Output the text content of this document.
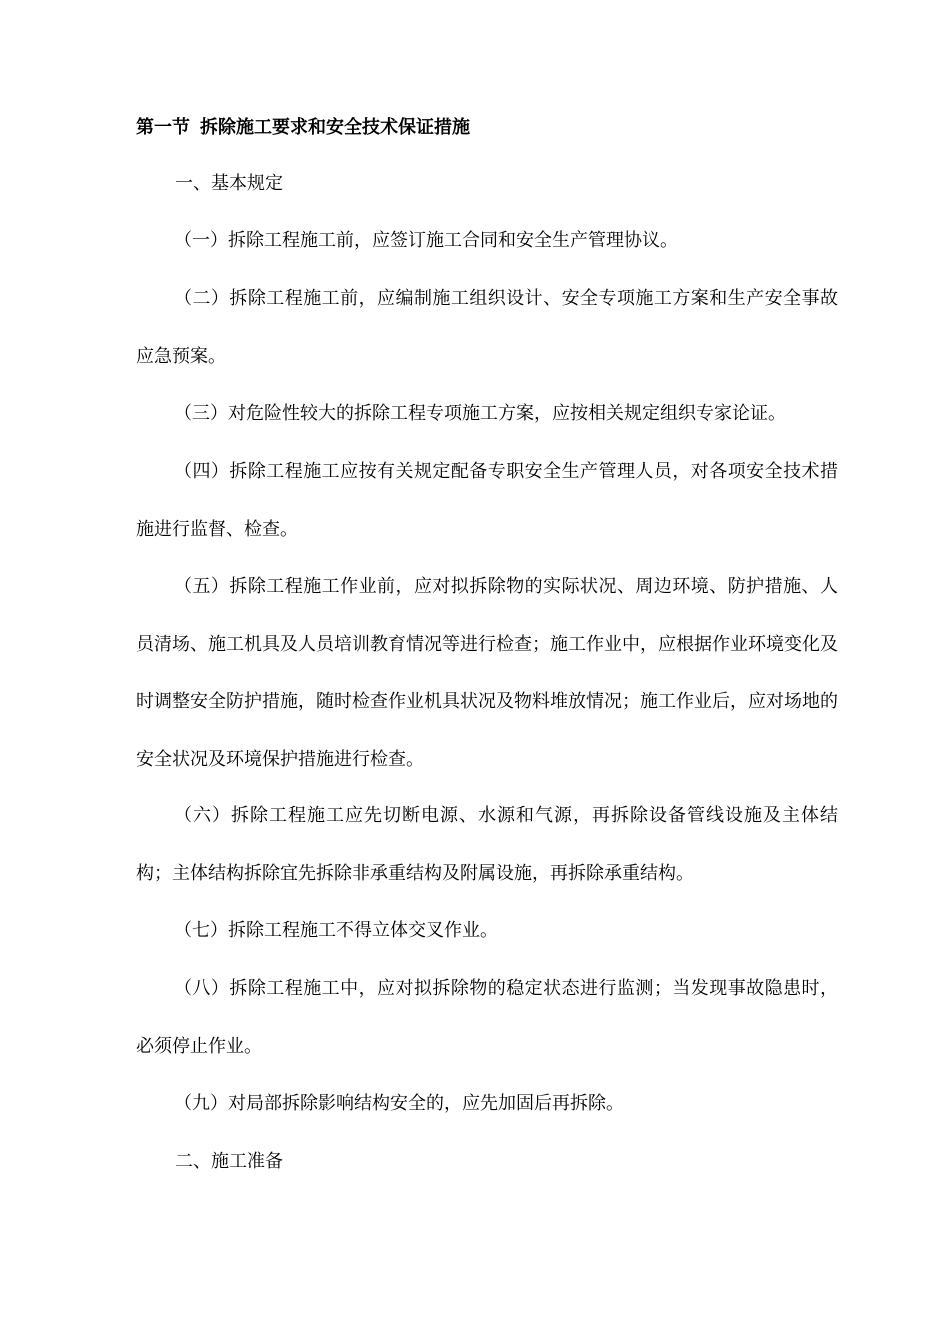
第一节 拆除施工要求和安全技术保证措施
一、基本规定

（一）拆除工程施工前，应签订施工合同和安全生产管理协议。

（二）拆除工程施工前，应编制施工组织设计、安全专项施工方案和生产安全事故应急预案。

（三）对危险性较大的拆除工程专项施工方案，应按相关规定组织专家论证。

（四）拆除工程施工应按有关规定配备专职安全生产管理人员，对各项安全技术措施进行监督、检查。

（五）拆除工程施工作业前，应对拟拆除物的实际状况、周边环境、防护措施、人员清场、施工机具及人员培训教育情况等进行检查；施工作业中，应根据作业环境变化及时调整安全防护措施，随时检查作业机具状况及物料堆放情况；施工作业后，应对场地的安全状况及环境保护措施进行检查。

（六）拆除工程施工应先切断电源、水源和气源，再拆除设备管线设施及主体结构；主体结构拆除宜先拆除非承重结构及附属设施，再拆除承重结构。

（七）拆除工程施工不得立体交叉作业。

（八）拆除工程施工中，应对拟拆除物的稳定状态进行监测；当发现事故隐患时，必须停止作业。

（九）对局部拆除影响结构安全的，应先加固后再拆除。

二、施工准备
